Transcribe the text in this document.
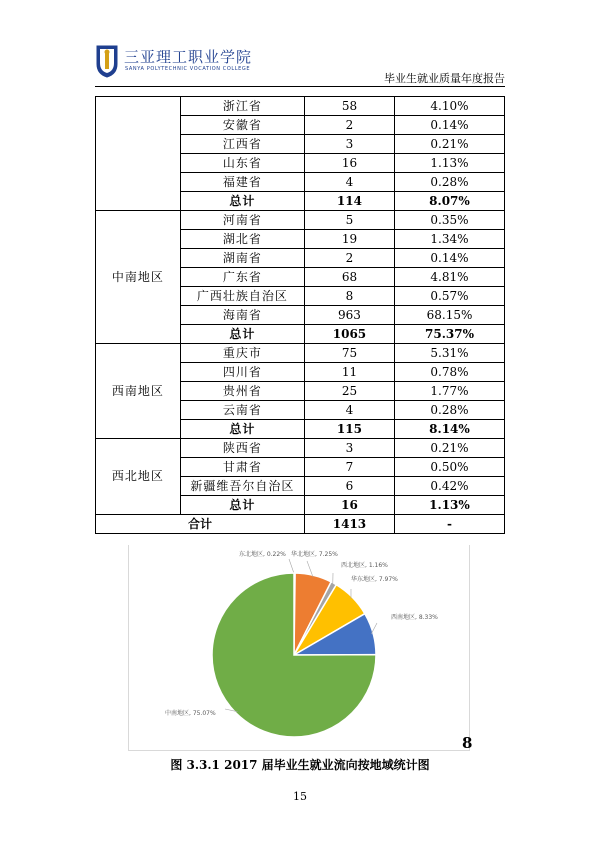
三亚理工职业学院
SANYA POLYTECHNIC VOCATION COLLEGE
毕业生就业质量年度报告
	浙江省	58	4.10%
	安徽省	2	0.14%
	江西省	3	0.21%
	山东省	16	1.13%
	福建省	4	0.28%
	总计	114	8.07%
中南地区	河南省	5	0.35%
	湖北省	19	1.34%
	湖南省	2	0.14%
	广东省	68	4.81%
	广西壮族自治区	8	0.57%
	海南省	963	68.15%
	总计	1065	75.37%
西南地区	重庆市	75	5.31%
	四川省	11	0.78%
	贵州省	25	1.77%
	云南省	4	0.28%
	总计	115	8.14%
西北地区	陕西省	3	0.21%
	甘肃省	7	0.50%
	新疆维吾尔自治区	6	0.42%
	总计	16	1.13%
合计		1413	-
东北地区, 0.22% 华北地区, 7.25%
西北地区, 1.16%
华东地区, 7.97%
西南地区, 8.33%
中南地区, 75.07%
8
图 3.3.1 2017 届毕业生就业流向按地域统计图
15
